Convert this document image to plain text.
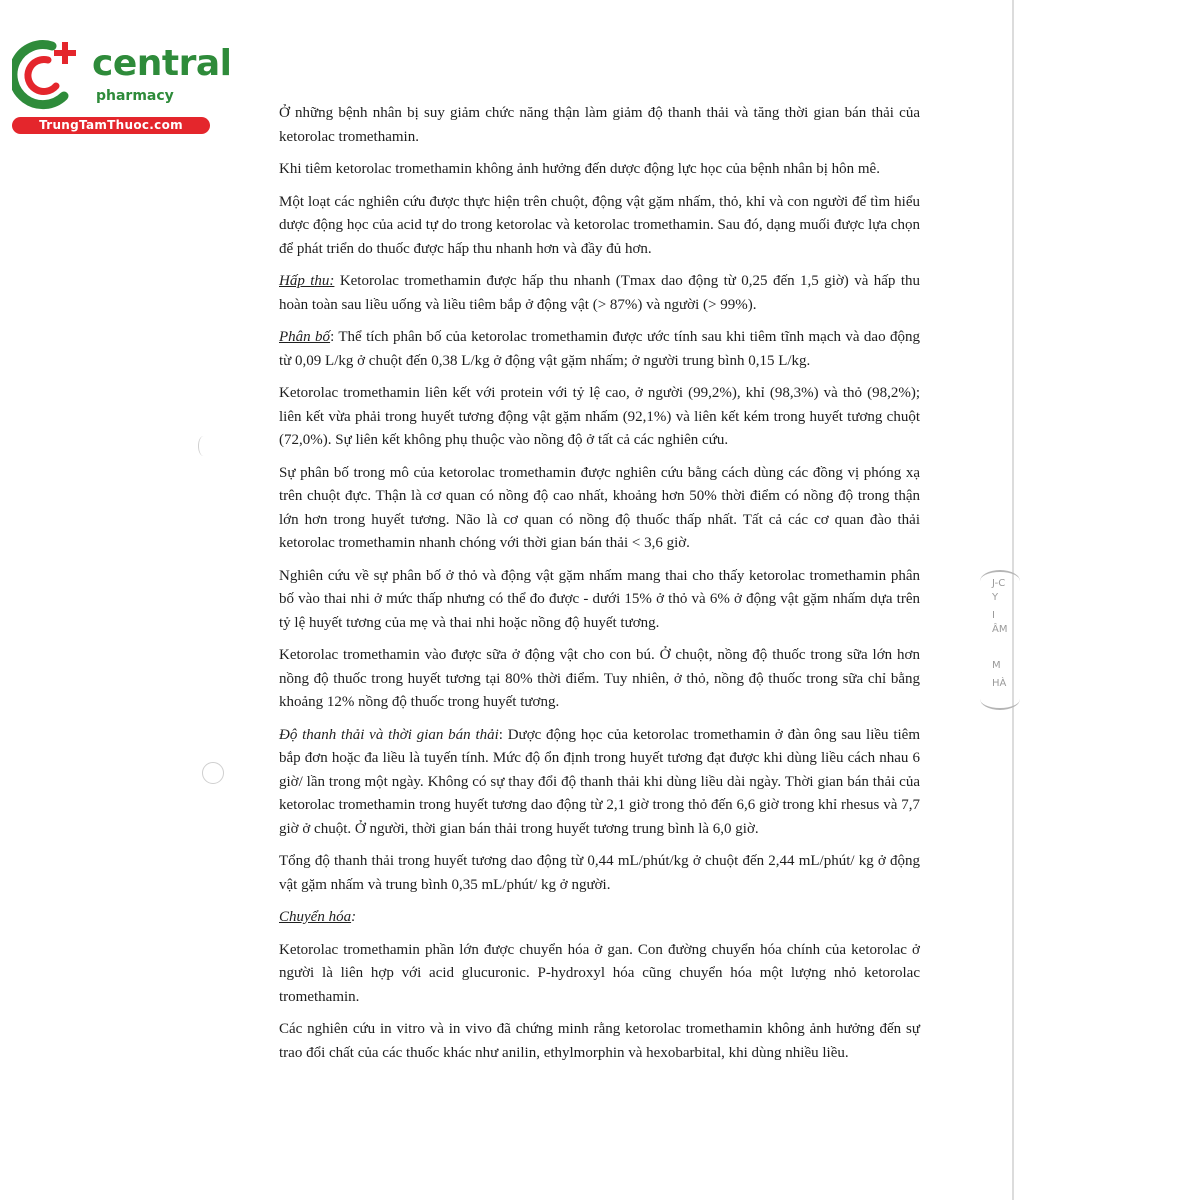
central
pharmacy
TrungTamThuoc.com
J-C
Y
I
ÂM
M
HÀ

Ở những bệnh nhân bị suy giảm chức năng thận làm giảm độ thanh thải và tăng thời gian bán thải của ketorolac tromethamin.

Khi tiêm ketorolac tromethamin không ảnh hưởng đến dược động lực học của bệnh nhân bị hôn mê.

Một loạt các nghiên cứu được thực hiện trên chuột, động vật gặm nhấm, thỏ, khỉ và con người để tìm hiểu dược động học của acid tự do trong ketorolac và ketorolac tromethamin. Sau đó, dạng muối được lựa chọn để phát triển do thuốc được hấp thu nhanh hơn và đầy đủ hơn.

Hấp thu: Ketorolac tromethamin được hấp thu nhanh (Tmax dao động từ 0,25 đến 1,5 giờ) và hấp thu hoàn toàn sau liều uống và liều tiêm bắp ở động vật (> 87%) và người (> 99%).

Phân bố: Thể tích phân bố của ketorolac tromethamin được ước tính sau khi tiêm tĩnh mạch và dao động từ 0,09 L/kg ở chuột đến 0,38 L/kg ở động vật gặm nhấm; ở người trung bình 0,15 L/kg.

Ketorolac tromethamin liên kết với protein với tỷ lệ cao, ở người (99,2%), khỉ (98,3%) và thỏ (98,2%); liên kết vừa phải trong huyết tương động vật gặm nhấm (92,1%) và liên kết kém trong huyết tương chuột (72,0%). Sự liên kết không phụ thuộc vào nồng độ ở tất cả các nghiên cứu.

Sự phân bố trong mô của ketorolac tromethamin được nghiên cứu bằng cách dùng các đồng vị phóng xạ trên chuột đực. Thận là cơ quan có nồng độ cao nhất, khoảng hơn 50% thời điểm có nồng độ trong thận lớn hơn trong huyết tương. Não là cơ quan có nồng độ thuốc thấp nhất. Tất cả các cơ quan đào thải ketorolac tromethamin nhanh chóng với thời gian bán thải < 3,6 giờ.

Nghiên cứu về sự phân bố ở thỏ và động vật gặm nhấm mang thai cho thấy ketorolac tromethamin phân bố vào thai nhi ở mức thấp nhưng có thể đo được - dưới 15% ở thỏ và 6% ở động vật gặm nhấm dựa trên tỷ lệ huyết tương của mẹ và thai nhi hoặc nồng độ huyết tương.

Ketorolac tromethamin vào được sữa ở động vật cho con bú. Ở chuột, nồng độ thuốc trong sữa lớn hơn nồng độ thuốc trong huyết tương tại 80% thời điểm. Tuy nhiên, ở thỏ, nồng độ thuốc trong sữa chỉ bằng khoảng 12% nồng độ thuốc trong huyết tương.

Độ thanh thải và thời gian bán thải: Dược động học của ketorolac tromethamin ở đàn ông sau liều tiêm bắp đơn hoặc đa liều là tuyến tính. Mức độ ổn định trong huyết tương đạt được khi dùng liều cách nhau 6 giờ/ lần trong một ngày. Không có sự thay đổi độ thanh thải khi dùng liều dài ngày. Thời gian bán thải của ketorolac tromethamin trong huyết tương dao động từ 2,1 giờ trong thỏ đến 6,6 giờ trong khỉ rhesus và 7,7 giờ ở chuột. Ở người, thời gian bán thải trong huyết tương trung bình là 6,0 giờ.

Tổng độ thanh thải trong huyết tương dao động từ 0,44 mL/phút/kg ở chuột đến 2,44 mL/phút/ kg ở động vật gặm nhấm và trung bình 0,35 mL/phút/ kg ở người.

Chuyển hóa:

Ketorolac tromethamin phần lớn được chuyển hóa ở gan. Con đường chuyển hóa chính của ketorolac ở người là liên hợp với acid glucuronic. P-hydroxyl hóa cũng chuyển hóa một lượng nhỏ ketorolac tromethamin.

Các nghiên cứu in vitro và in vivo đã chứng minh rằng ketorolac tromethamin không ảnh hưởng đến sự trao đổi chất của các thuốc khác như anilin, ethylmorphin và hexobarbital, khi dùng nhiều liều.
